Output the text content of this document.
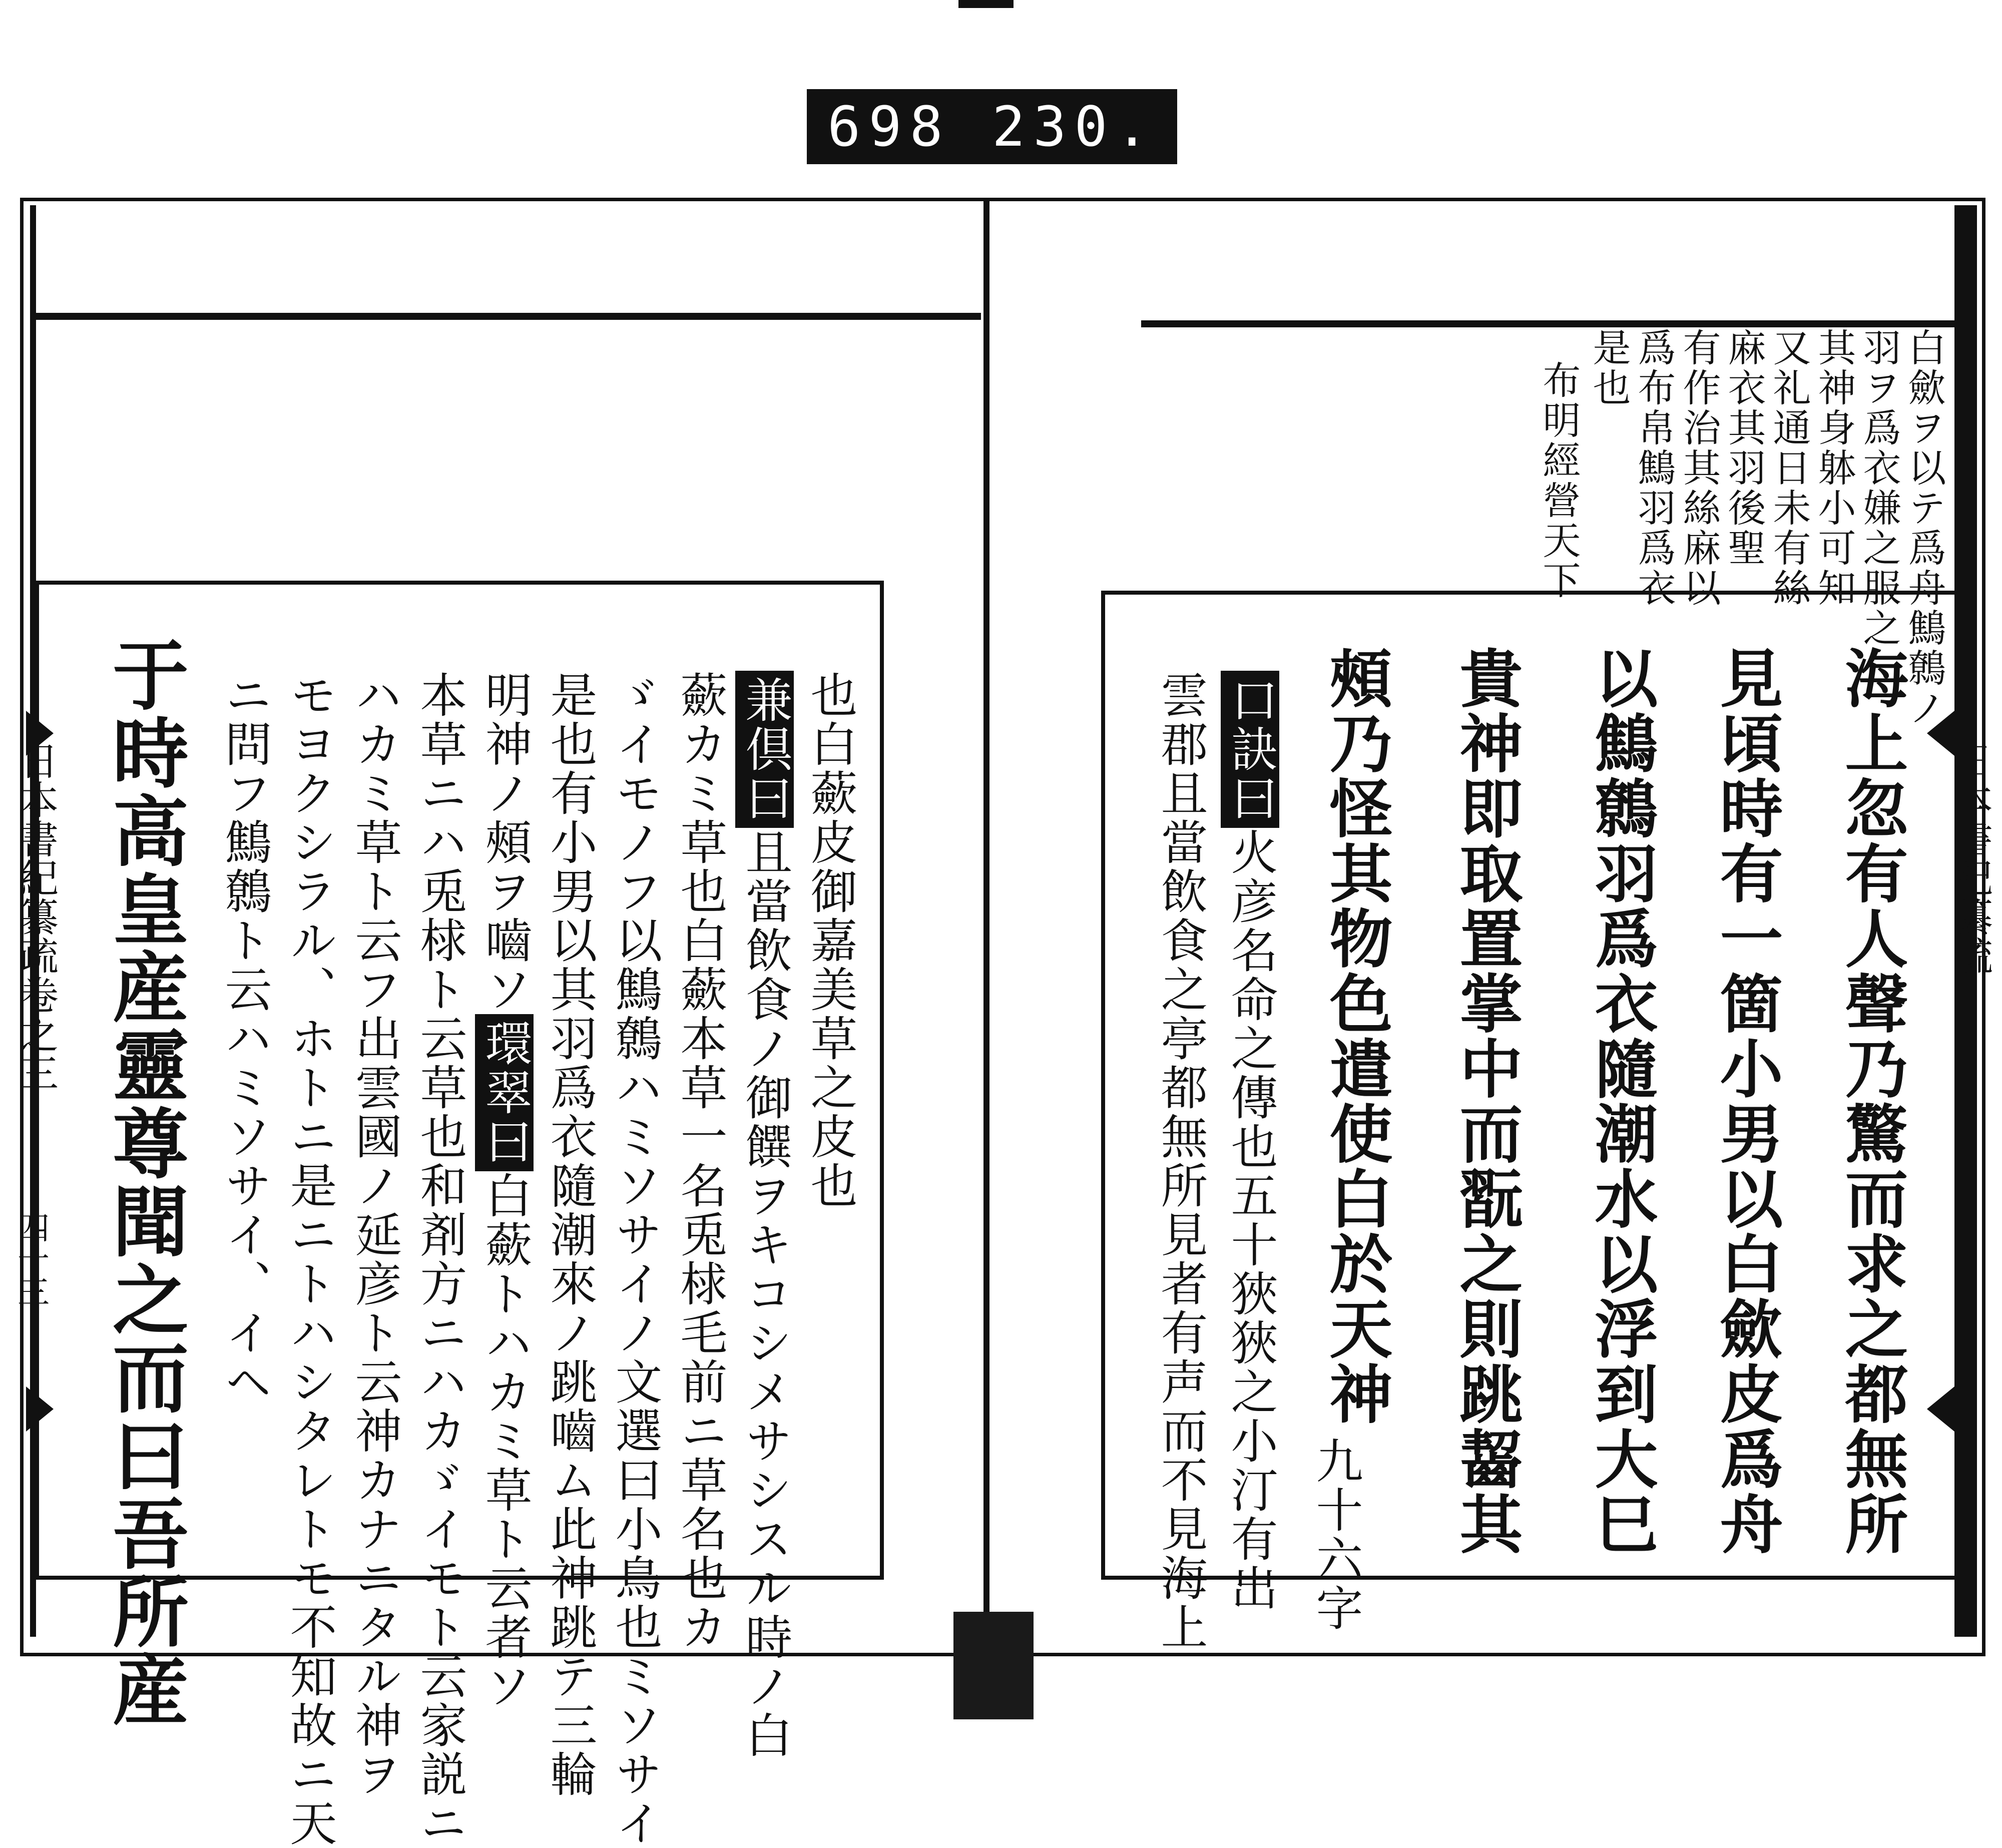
698 230.
日本書紀纂疏
日本書紀纂疏卷之三
四十三
白歛ヲ以テ爲舟鷦鷯ノ
羽ヲ爲衣嫌之服之
其神身躰小可知
又礼通日未有絲
麻衣其羽後聖
有作治其絲麻以
爲布帛鷦羽爲衣
是也
布明經營天下
海上忽有人聲乃驚而求之都無所
見頃時有一箇小男以白歛皮爲舟
以鷦鷯羽爲衣隨潮水以浮到大巳
貴神即取置掌中而翫之則跳齧其
頰乃怪其物色遣使白於天神
九十六字
口訣曰火彦名命之傳也五十狹狹之小汀有出
雲郡且當飲食之亭都無所見者有声而不見海上
也白蘝皮御嘉美草之皮也
兼倶曰且當飲食ノ御饌ヲキコシメサシスル時ノ白
蘝カミ草也白蘝本草一名兎梂毛前ニ草名也カ
ゞイモノフ以鷦鷯ハミソサイノ文選曰小鳥也ミソサイ
是也有小男以其羽爲衣隨潮來ノ跳嚙ム此神跳テ三輪
明神ノ頰ヲ嚙ソ環翠曰白蘝トハカミ草ト云者ソ
本草ニハ兎梂ト云草也和剤方ニハカゞイモト云家説ニ
ハカミ草ト云フ出雲國ノ延彦ト云神カナニタル神ヲ
モヨクシラル、ホトニ是ニトハシタレトモ不知故ニ天
ニ問フ鷦鷯ト云ハミソサイ、イヘ
于時高皇産靈尊聞之而曰吾所産
